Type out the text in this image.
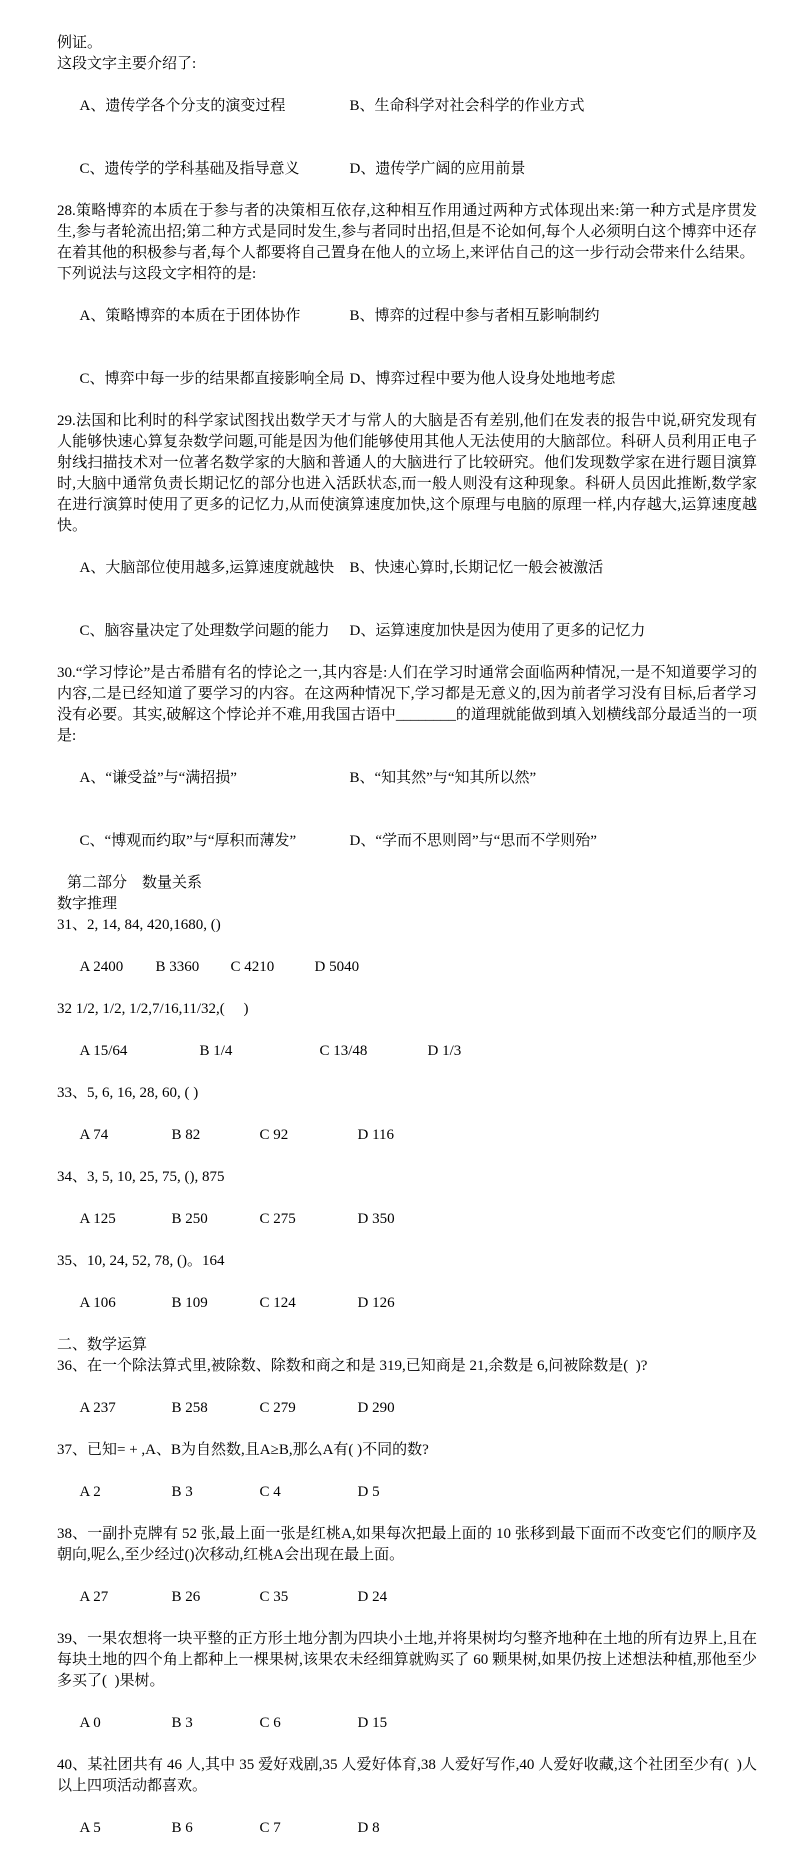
例证。
这段文字主要介绍了:

A、遗传学各个分支的演变过程	B、生命科学对社会科学的作业方式

C、遗传学的学科基础及指导意义	D、遗传学广阔的应用前景

28.策略博弈的本质在于参与者的决策相互依存,这种相互作用通过两种方式体现出来:第一种方式是序贯发生,参与者轮流出招;第二种方式是同时发生,参与者同时出招,但是不论如何,每个人必须明白这个博弈中还存在着其他的积极参与者,每个人都要将自己置身在他人的立场上,来评估自己的这一步行动会带来什么结果。

下列说法与这段文字相符的是:

A、策略博弈的本质在于团体协作	B、博弈的过程中参与者相互影响制约

C、博弈中每一步的结果都直接影响全局 D、博弈过程中要为他人设身处地地考虑

29.法国和比利时的科学家试图找出数学天才与常人的大脑是否有差别,他们在发表的报告中说,研究发现有人能够快速心算复杂数学问题,可能是因为他们能够使用其他人无法使用的大脑部位。科研人员利用正电子射线扫描技术对一位著名数学家的大脑和普通人的大脑进行了比较研究。他们发现数学家在进行题目演算时,大脑中通常负责长期记忆的部分也进入活跃状态,而一般人则没有这种现象。科研人员因此推断,数学家在进行演算时使用了更多的记忆力,从而使演算速度加快,这个原理与电脑的原理一样,内存越大,运算速度越快。

A、大脑部位使用越多,运算速度就越快 B、快速心算时,长期记忆一般会被激活

C、脑容量决定了处理数学问题的能力 D、运算速度加快是因为使用了更多的记忆力

30.“学习悖论”是古希腊有名的悖论之一,其内容是:人们在学习时通常会面临两种情况,一是不知道要学习的内容,二是已经知道了要学习的内容。在这两种情况下,学习都是无意义的,因为前者学习没有目标,后者学习没有必要。其实,破解这个悖论并不难,用我国古语中________的道理就能做到填入划横线部分最适当的一项是:

A、“谦受益”与“满招损”	B、“知其然”与“知其所以然”

C、“博观而约取”与“厚积而薄发”	D、“学而不思则罔”与“思而不学则殆”

第二部分　数量关系
数字推理
31、2, 14, 84, 420,1680, ()

A 2400 B 3360 C 4210	D 5040

32 1/2, 1/2, 1/2,7/16,11/32,(     )

A 15/64	B 1/4	C 13/48	D 1/3

33、5, 6, 16, 28, 60, ( )

A 74	B 82	C 92	D 116

34、3, 5, 10, 25, 75, (), 875

A 125	B 250	C 275	D 350

35、10, 24, 52, 78, ()。164

A 106	B 109	C 124	D 126

二、数学运算

36、在一个除法算式里,被除数、除数和商之和是 319,已知商是 21,余数是 6,问被除数是(  )?

A 237	B 258	C 279	D 290

37、已知= + ,A、B为自然数,且A≥B,那么A有( )不同的数?

A 2	B 3	C 4	D 5

38、一副扑克牌有 52 张,最上面一张是红桃A,如果每次把最上面的 10 张移到最下面而不改变它们的顺序及朝向,呢么,至少经过()次移动,红桃A会出现在最上面。

A 27	B 26	C 35	D 24

39、一果农想将一块平整的正方形土地分割为四块小土地,并将果树均匀整齐地种在土地的所有边界上,且在每块土地的四个角上都种上一棵果树,该果农未经细算就购买了 60 颗果树,如果仍按上述想法种植,那他至少多买了(  )果树。

A 0	B 3	C 6	D 15

40、某社团共有 46 人,其中 35 爱好戏剧,35 人爱好体育,38 人爱好写作,40 人爱好收藏,这个社团至少有(  )人以上四项活动都喜欢。

A 5	B 6	C 7	D 8
